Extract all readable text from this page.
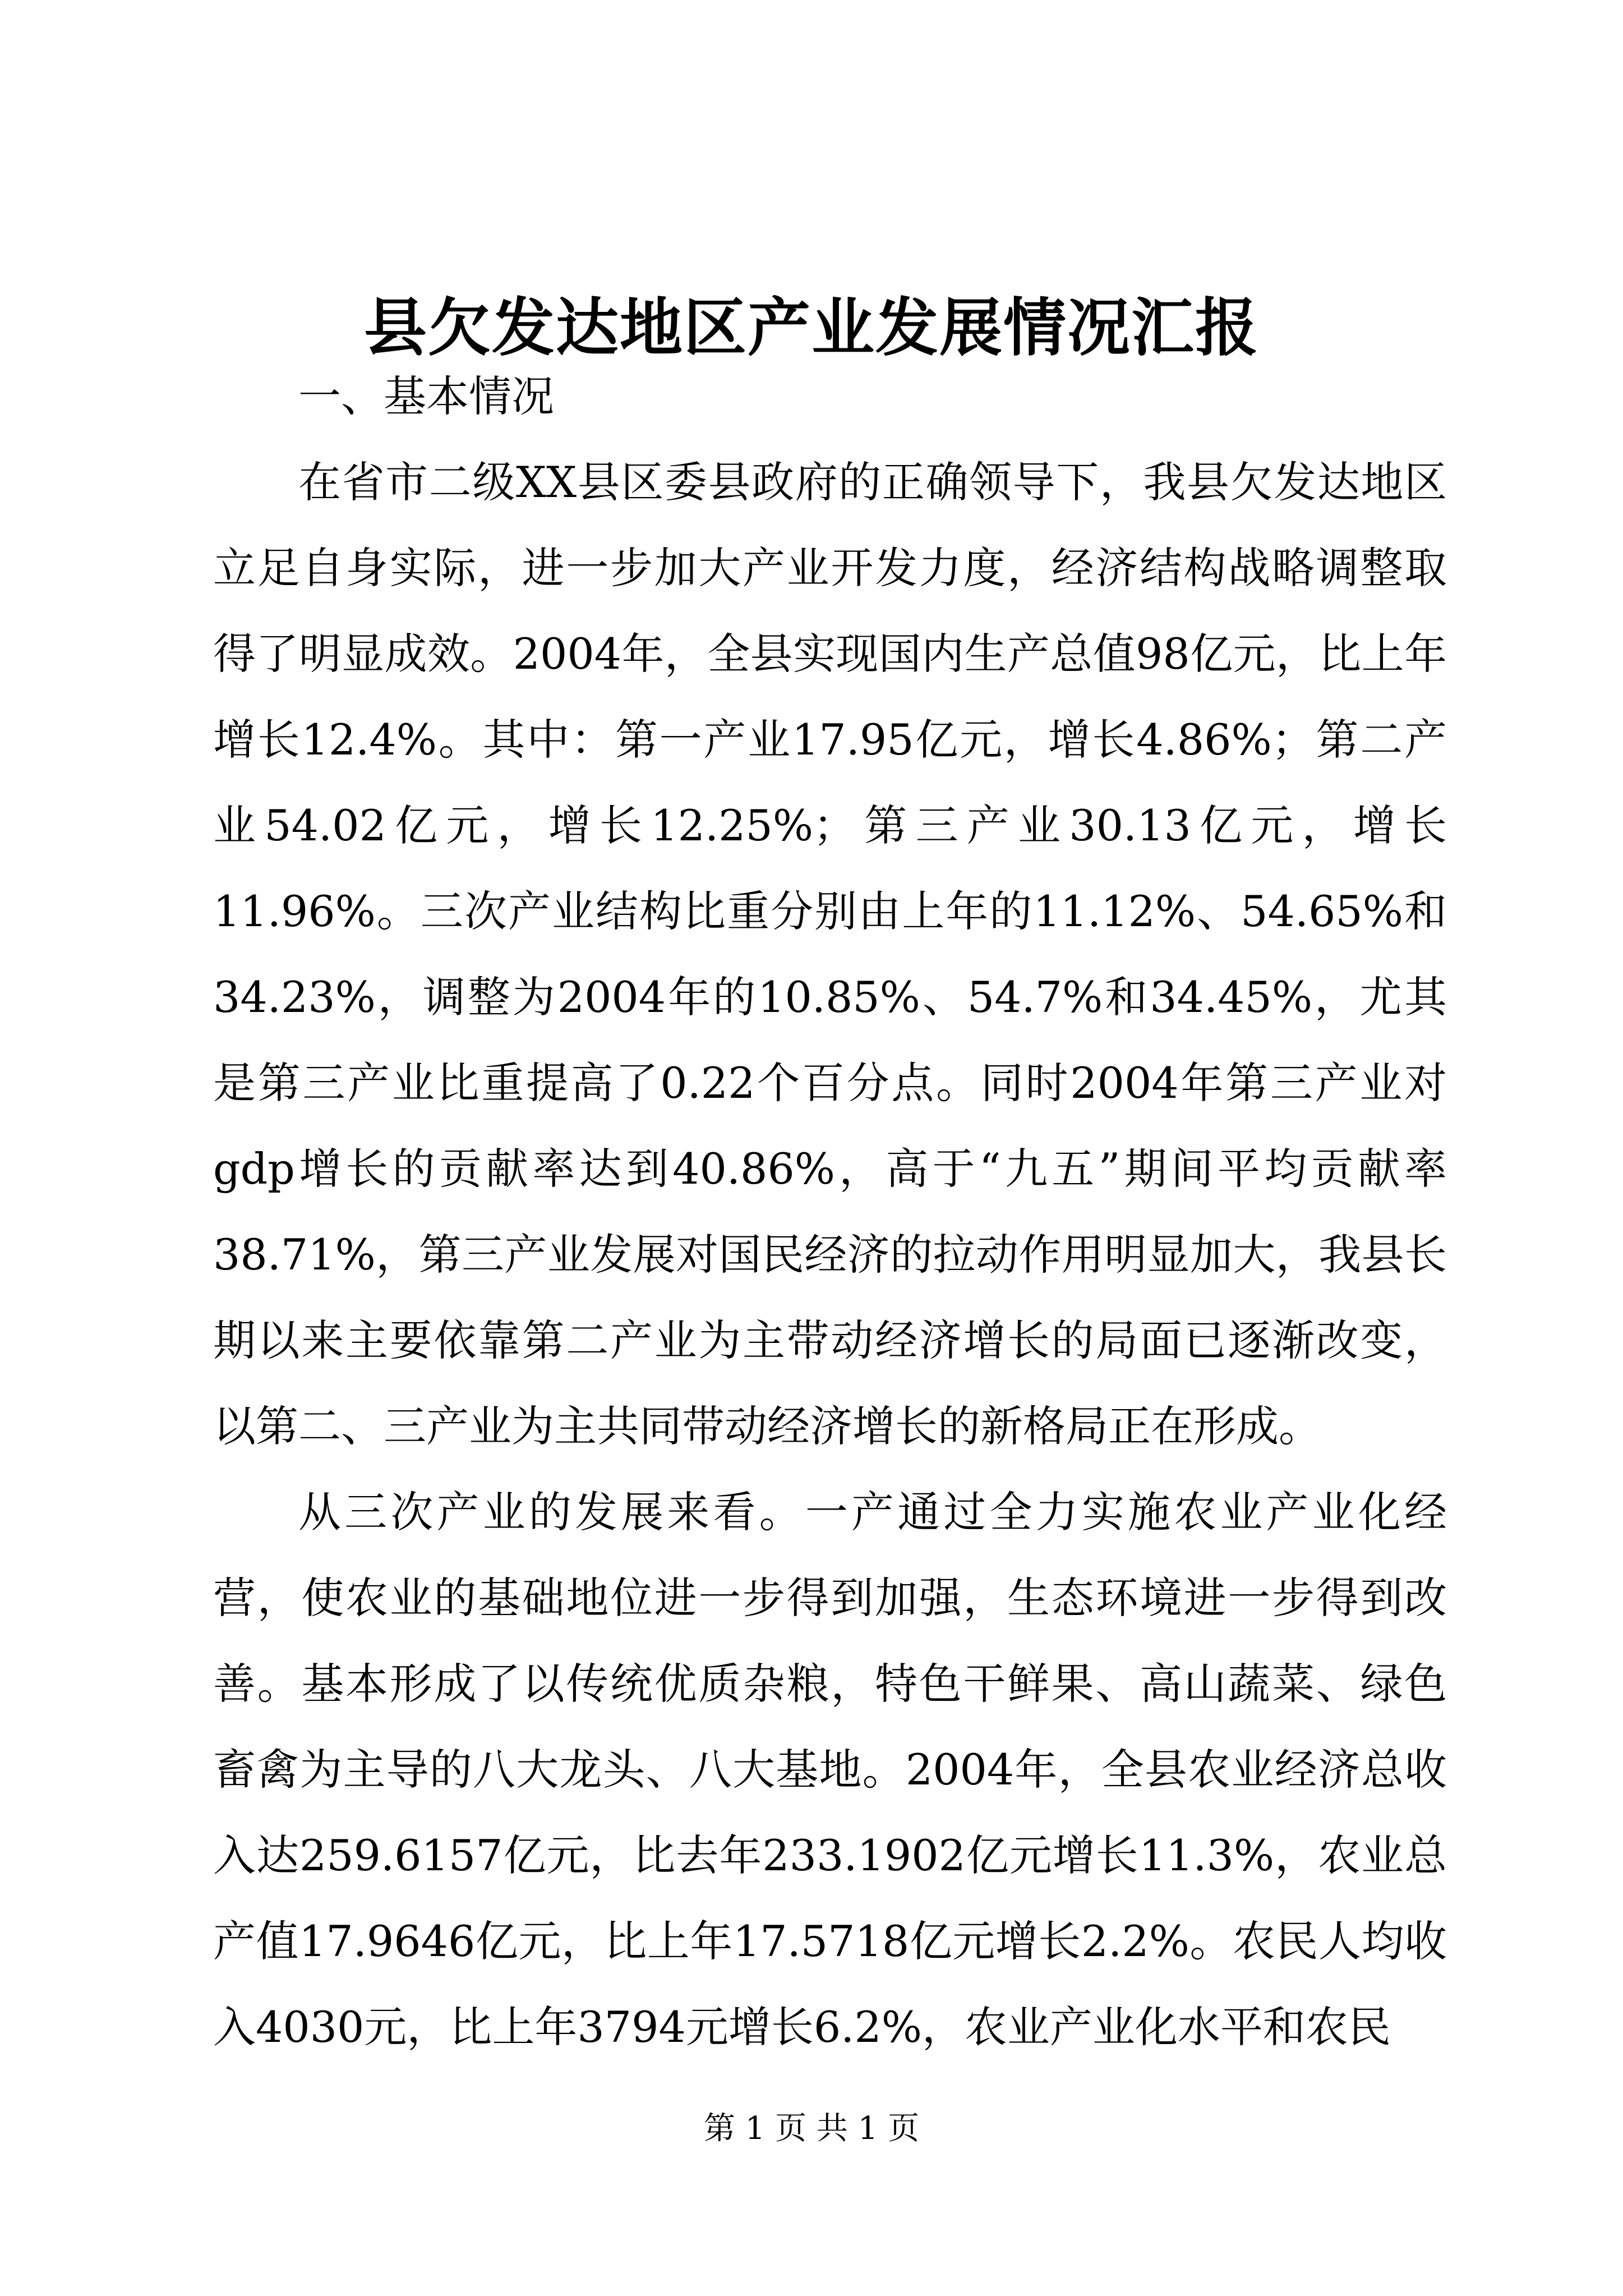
县欠发达地区产业发展情况汇报
一、基本情况

在省市二级XX县区委县政府的正确领导下，我县欠发达地区立足自身实际，进一步加大产业开发力度，经济结构战略调整取得了明显成效。2004年，全县实现国内生产总值98亿元，比上年增长12.4%。其中：第一产业17.95亿元，增长4.86%；第二产业54.02亿元，增长12.25%；第三产业30.13亿元，增长11.96%。三次产业结构比重分别由上年的11.12%、54.65%和34.23%，调整为2004年的10.85%、54.7%和34.45%，尤其是第三产业比重提高了0.22个百分点。同时2004年第三产业对gdp增长的贡献率达到40.86%，高于“九五”期间平均贡献率38.71%，第三产业发展对国民经济的拉动作用明显加大，我县长期以来主要依靠第二产业为主带动经济增长的局面已逐渐改变，以第二、三产业为主共同带动经济增长的新格局正在形成。

从三次产业的发展来看。一产通过全力实施农业产业化经营，使农业的基础地位进一步得到加强，生态环境进一步得到改善。基本形成了以传统优质杂粮，特色干鲜果、高山蔬菜、绿色畜禽为主导的八大龙头、八大基地。2004年，全县农业经济总收入达259.6157亿元，比去年233.1902亿元增长11.3%，农业总产值17.9646亿元，比上年17.5718亿元增长2.2%。农民人均收入4030元，比上年3794元增长6.2%，农业产业化水平和农民

第 1 页 共 1 页
